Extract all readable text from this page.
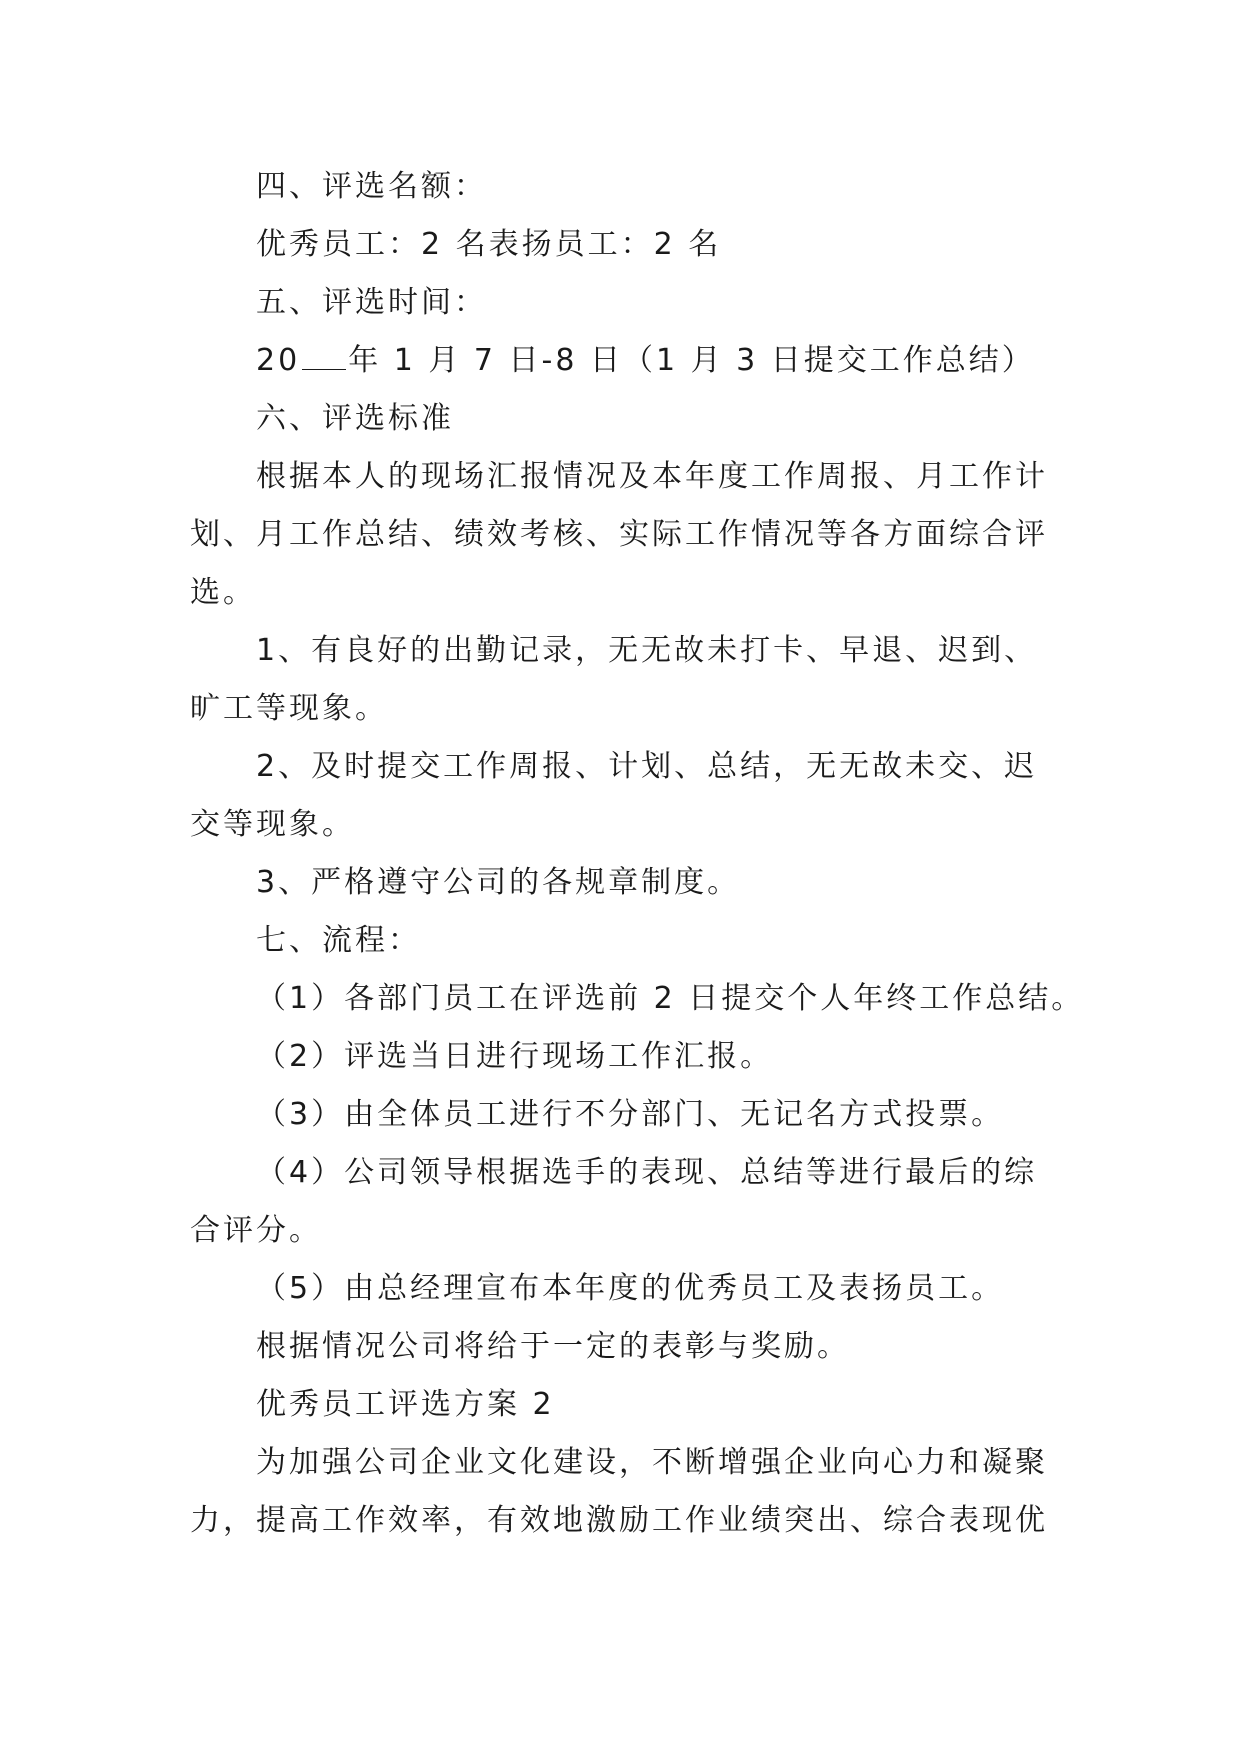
四、评选名额：
优秀员工：2 名表扬员工：2 名
五、评选时间：
20 年 1 月 7 日-8 日（1 月 3 日提交工作总结）
六、评选标准
根据本人的现场汇报情况及本年度工作周报、月工作计
划、月工作总结、绩效考核、实际工作情况等各方面综合评
选。
1、有良好的出勤记录，无无故未打卡、早退、迟到、
旷工等现象。
2、及时提交工作周报、计划、总结，无无故未交、迟
交等现象。
3、严格遵守公司的各规章制度。
七、流程：
（1）各部门员工在评选前 2 日提交个人年终工作总结。
（2）评选当日进行现场工作汇报。
（3）由全体员工进行不分部门、无记名方式投票。
（4）公司领导根据选手的表现、总结等进行最后的综
合评分。
（5）由总经理宣布本年度的优秀员工及表扬员工。
根据情况公司将给于一定的表彰与奖励。
优秀员工评选方案 2
为加强公司企业文化建设，不断增强企业向心力和凝聚
力，提高工作效率，有效地激励工作业绩突出、综合表现优
